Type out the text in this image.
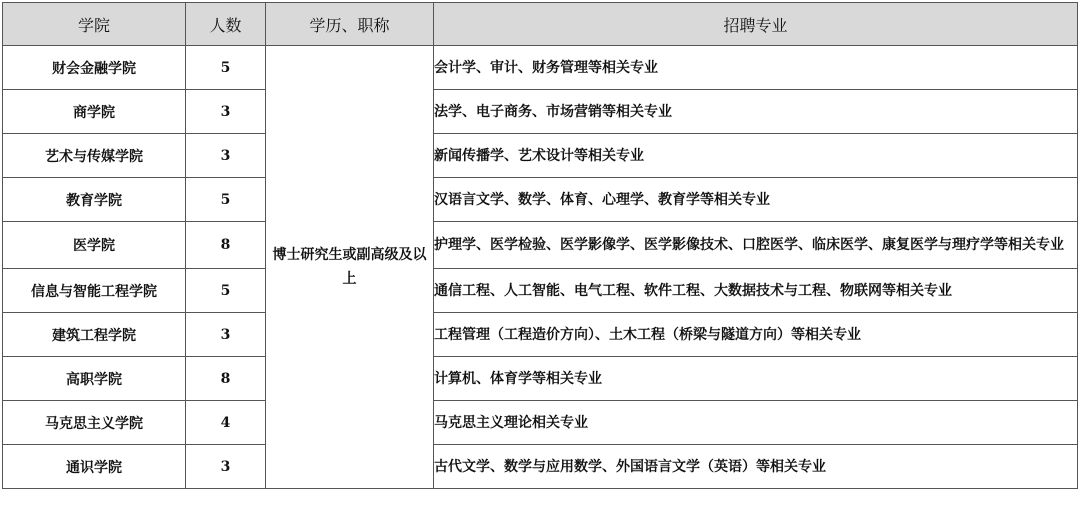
学院	人数	学历、职称	招聘专业
财会金融学院	5	博士研究生或副高级及以上	会计学、审计、财务管理等相关专业
商学院	3		法学、电子商务、市场营销等相关专业
艺术与传媒学院	3		新闻传播学、艺术设计等相关专业
教育学院	5		汉语言文学、数学、体育、心理学、教育学等相关专业
医学院	8		护理学、医学检验、医学影像学、医学影像技术、口腔医学、临床医学、康复医学与理疗学等相关专业
信息与智能工程学院	5		通信工程、人工智能、电气工程、软件工程、大数据技术与工程、物联网等相关专业
建筑工程学院	3		工程管理（工程造价方向）、土木工程（桥梁与隧道方向）等相关专业
高职学院	8		计算机、体育学等相关专业
马克思主义学院	4		马克思主义理论相关专业
通识学院	3		古代文学、数学与应用数学、外国语言文学（英语）等相关专业
